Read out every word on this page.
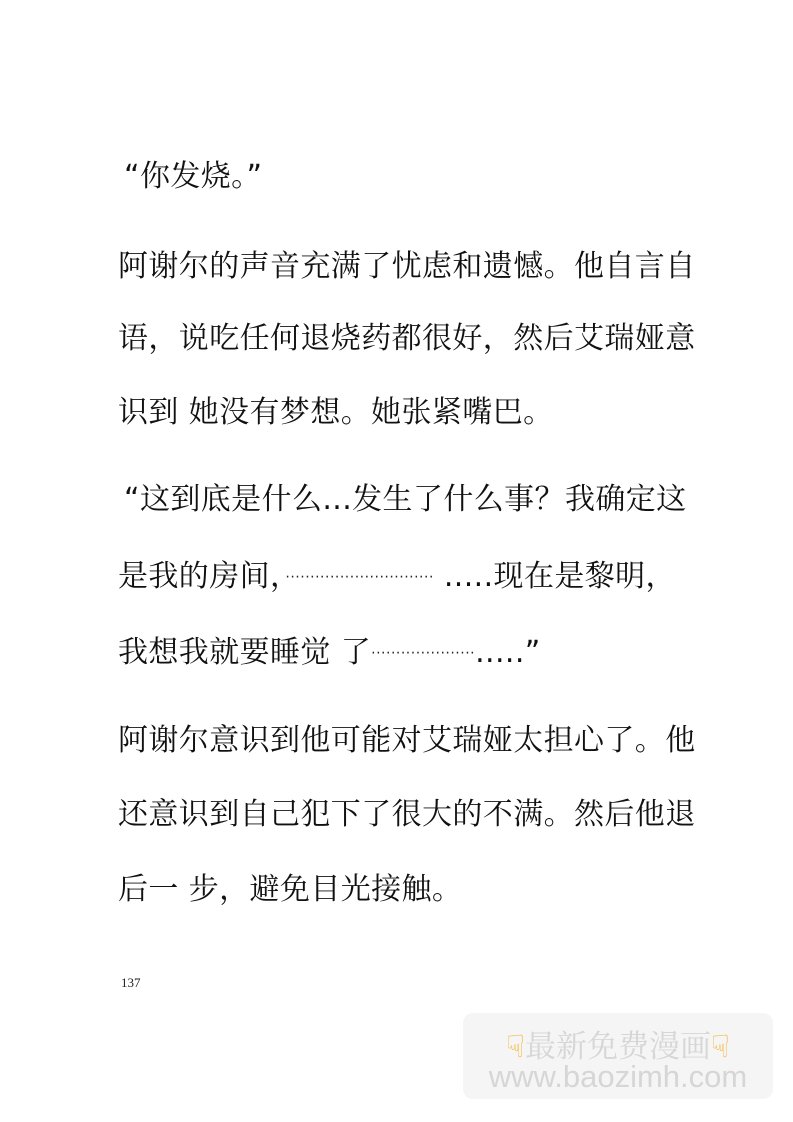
“你发烧。”
阿谢尔的声音充满了忧虑和遗憾。他自言自
语，说吃任何退烧药都很好，然后艾瑞娅意
识到 她没有梦想。她张紧嘴巴。
“这到底是什么...发生了什么事？我确定这
是我的房间，······························ .....现在是黎明，
我想我就要睡觉 了·····················.....”
阿谢尔意识到他可能对艾瑞娅太担心了。他
还意识到自己犯下了很大的不满。然后他退
后一 步，避免目光接触。
137
☟最新免费漫画☟
www.baozimh.com
